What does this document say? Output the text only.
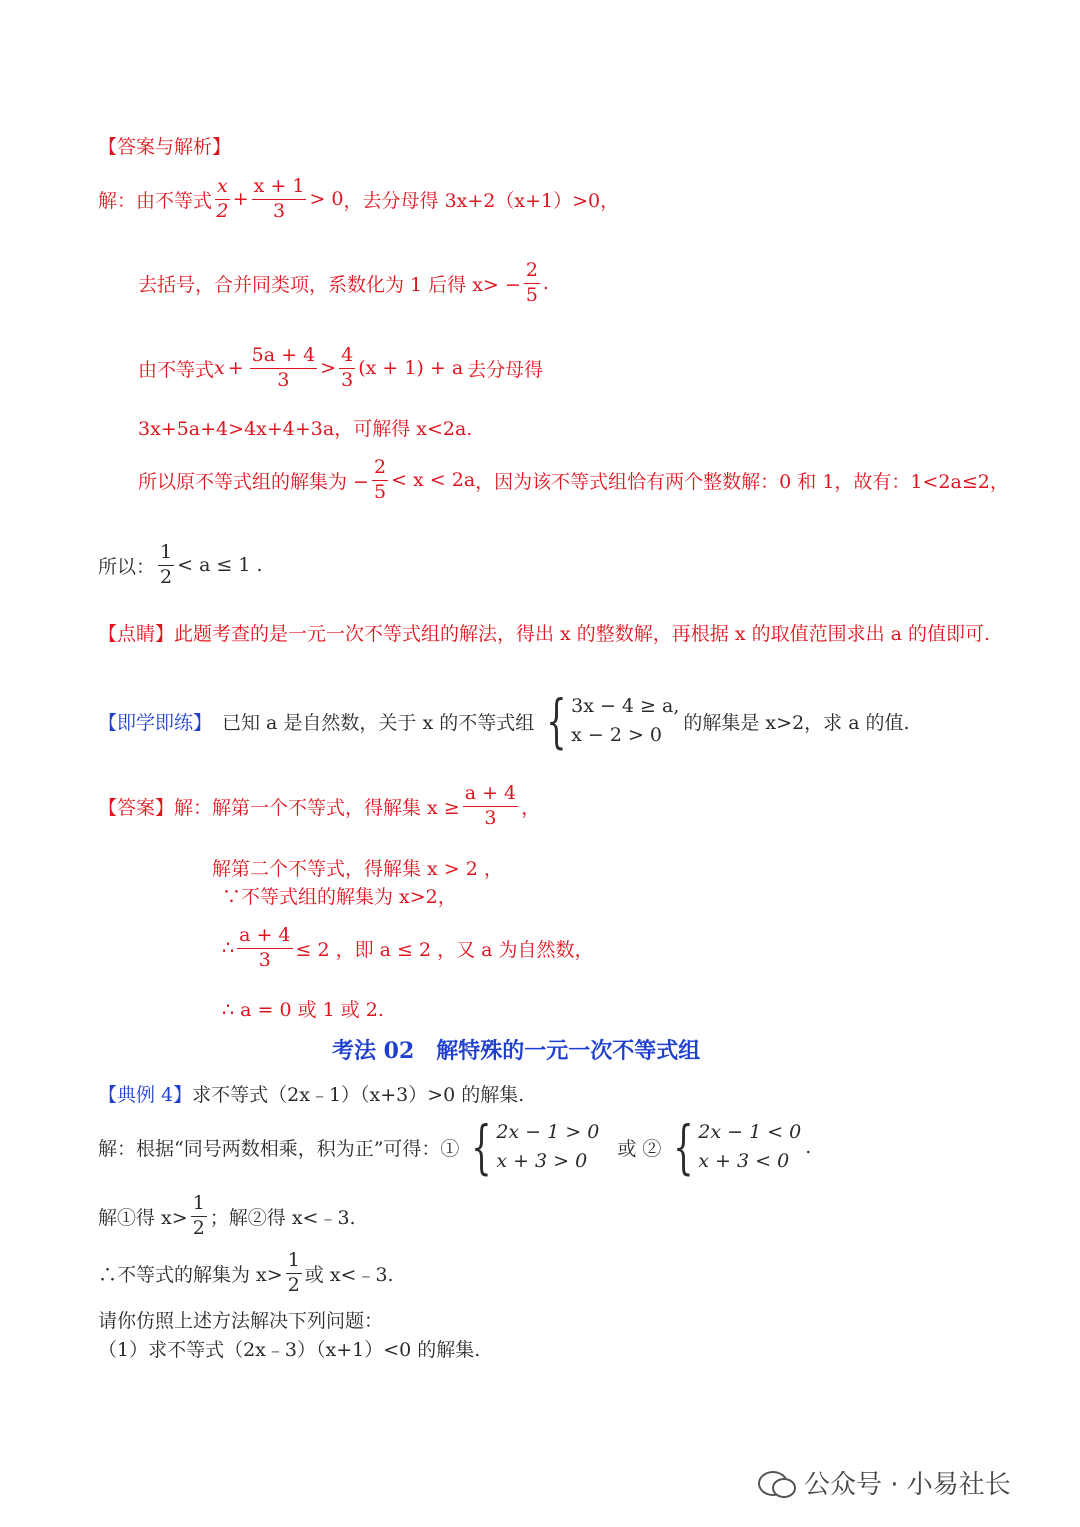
【答案与解析】
解：由不等式 $\frac{x}{2} + \frac{x + 1}{3} > 0$ ，去分母得 3x+2（x+1）>0，
去括号，合并同类项，系数化为 1 后得 $x> - \frac{2}{5}$ .
由不等式 $x + \frac{5a + 4}{3} > \frac{4}{3} (x + 1) + a$ 去分母得
3x+5a+4>4x+4+3a，可解得 x<2a.
所以原不等式组的解集为 − $\frac{2}{5} < x < 2a$ ，因为该不等式组恰有两个整数解：0 和 1，故有：1<2a≤2，
所以： $\frac{1}{2} < a \le 1$ .
【点睛】 此题考查的是一元一次不等式组的解法，得出 x 的整数解，再根据 x 的取值范围求出 a 的值即可.
【即学即练】 已知 a 是自然数，关于 x 的不等式组 { 3x − 4 ≥ a,
x − 2 > 0
的解集是 x>2，求 a 的值.
【答案】 解：解第一个不等式，得解集 $x \ge \frac{a + 4}{3}$ ，
解第二个不等式，得解集 x > 2 ，
∵不等式组的解集为 x>2，
∴ $\frac{a + 4}{3} \le 2$ ，即 a ≤ 2 ，又 a 为自然数，
∴ a = 0 或 1 或 2.
考法 02　解特殊的一元一次不等式组
【典例 4】 求不等式（2x﹣1）（x+3）>0 的解集.
解：根据“同号两数相乘，积为正”可得：① { 2x − 1 > 0
x + 3 > 0
或 ② { 2x − 1 < 0
x + 3 < 0
.
解①得 $x> \frac{1}{2}$ ；解②得 x<﹣3.
∴不等式的解集为 $x> \frac{1}{2}$ 或 x<﹣3.
请你仿照上述方法解决下列问题：
（1）求不等式（2x﹣3）（x+1）<0 的解集.
公众号 · 小易社长
